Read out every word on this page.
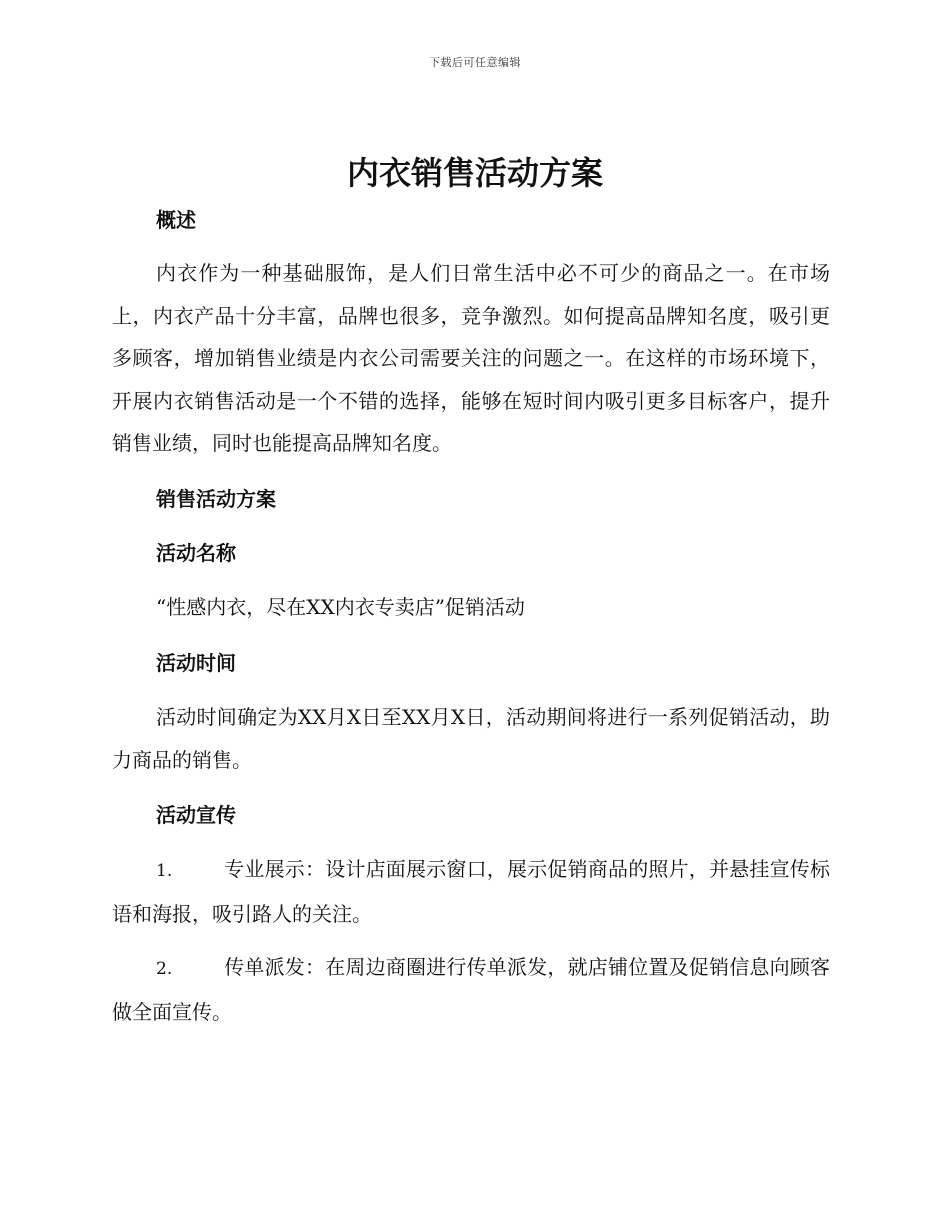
下载后可任意编辑
内衣销售活动方案
概述

内衣作为一种基础服饰，是人们日常生活中必不可少的商品之一。在市场上，内衣产品十分丰富，品牌也很多，竞争激烈。如何提高品牌知名度，吸引更多顾客，增加销售业绩是内衣公司需要关注的问题之一。在这样的市场环境下，开展内衣销售活动是一个不错的选择，能够在短时间内吸引更多目标客户，提升销售业绩，同时也能提高品牌知名度。

销售活动方案
活动名称

“性感内衣，尽在XX内衣专卖店”促销活动

活动时间

活动时间确定为XX月X日至XX月X日，活动期间将进行一系列促销活动，助力商品的销售。

活动宣传
1.	专业展示：设计店面展示窗口，展示促销商品的照片，并悬挂宣传标语和海报，吸引路人的关注。
2.	传单派发：在周边商圈进行传单派发，就店铺位置及促销信息向顾客做全面宣传。
